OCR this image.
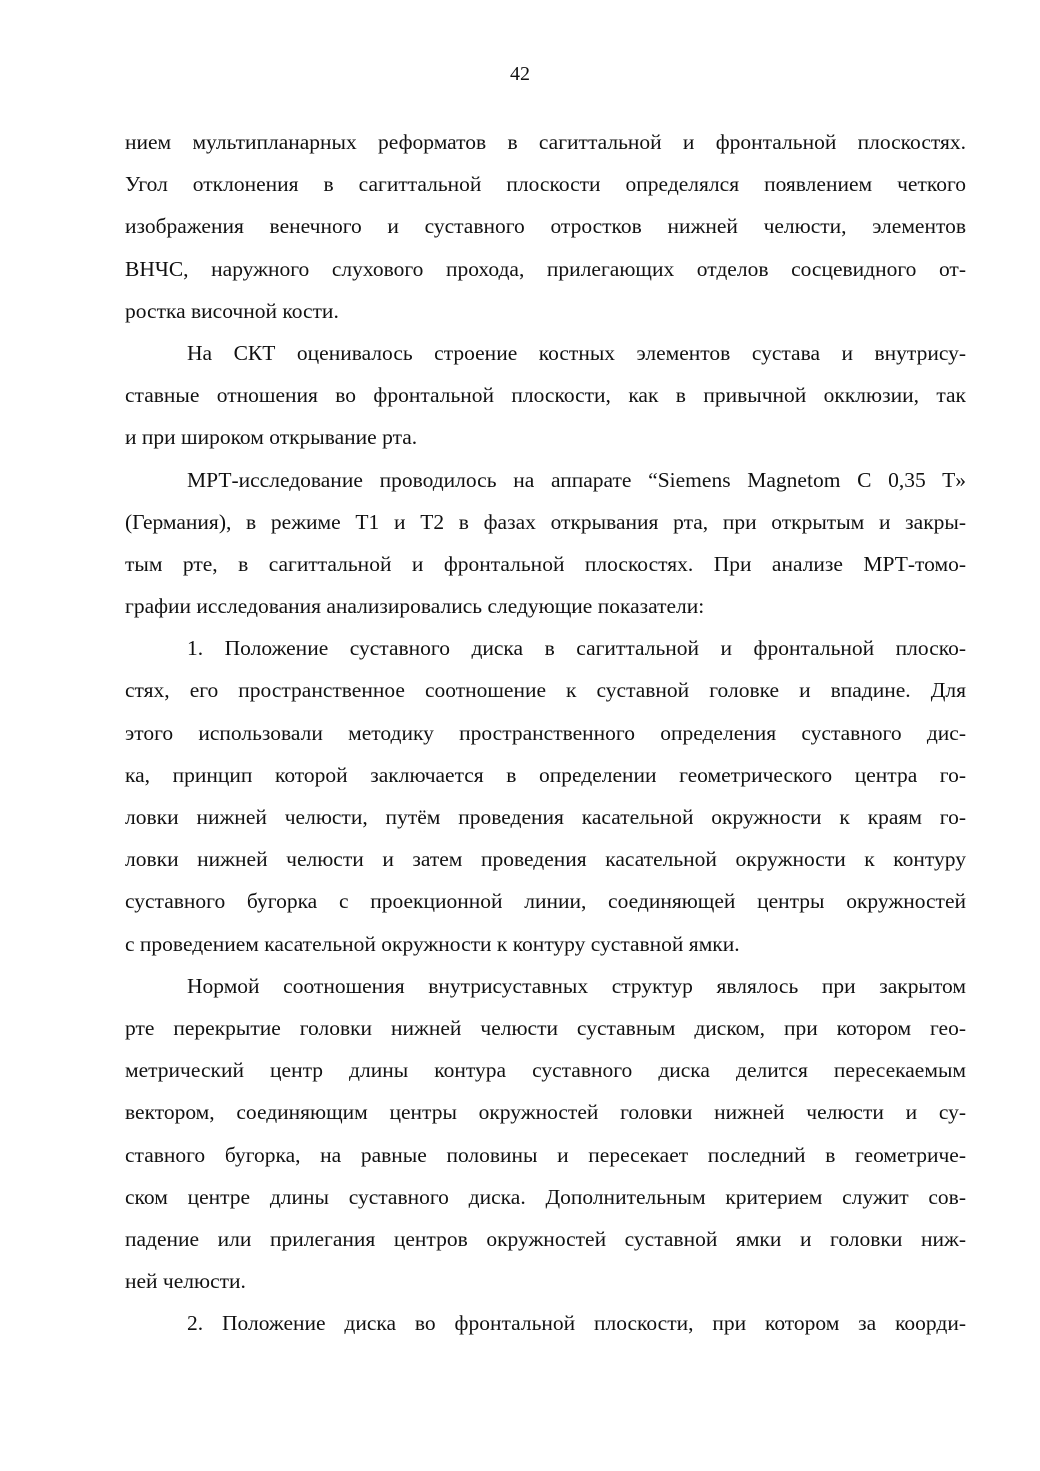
42
нием мультипланарных реформатов в сагиттальной и фронтальной плоскостях.
Угол отклонения в сагиттальной плоскости определялся появлением четкого
изображения венечного и суставного отростков нижней челюсти, элементов
ВНЧС, наружного слухового прохода, прилегающих отделов сосцевидного от-
ростка височной кости.
На СКТ оценивалось строение костных элементов сустава и внутрису-
ставные отношения во фронтальной плоскости, как в привычной окклюзии, так
и при широком открывание рта.
МРТ-исследование проводилось на аппарате “Siemens Magnetom C 0,35 T»
(Германия), в режиме Т1 и Т2 в фазах открывания рта, при открытым и закры-
тым рте, в сагиттальной и фронтальной плоскостях. При анализе МРТ-томо-
графии исследования анализировались следующие показатели:
1. Положение суставного диска в сагиттальной и фронтальной плоско-
стях, его пространственное соотношение к суставной головке и впадине. Для
этого использовали методику пространственного определения суставного дис-
ка, принцип которой заключается в определении геометрического центра го-
ловки нижней челюсти, путём проведения касательной окружности к краям го-
ловки нижней челюсти и затем проведения касательной окружности к контуру
суставного бугорка с проекционной линии, соединяющей центры окружностей
с проведением касательной окружности к контуру суставной ямки.
Нормой соотношения внутрисуставных структур являлось при закрытом
рте перекрытие головки нижней челюсти суставным диском, при котором гео-
метрический центр длины контура суставного диска делится пересекаемым
вектором, соединяющим центры окружностей головки нижней челюсти и су-
ставного бугорка, на равные половины и пересекает последний в геометриче-
ском центре длины суставного диска. Дополнительным критерием служит сов-
падение или прилегания центров окружностей суставной ямки и головки ниж-
ней челюсти.
2. Положение диска во фронтальной плоскости, при котором за коорди-
